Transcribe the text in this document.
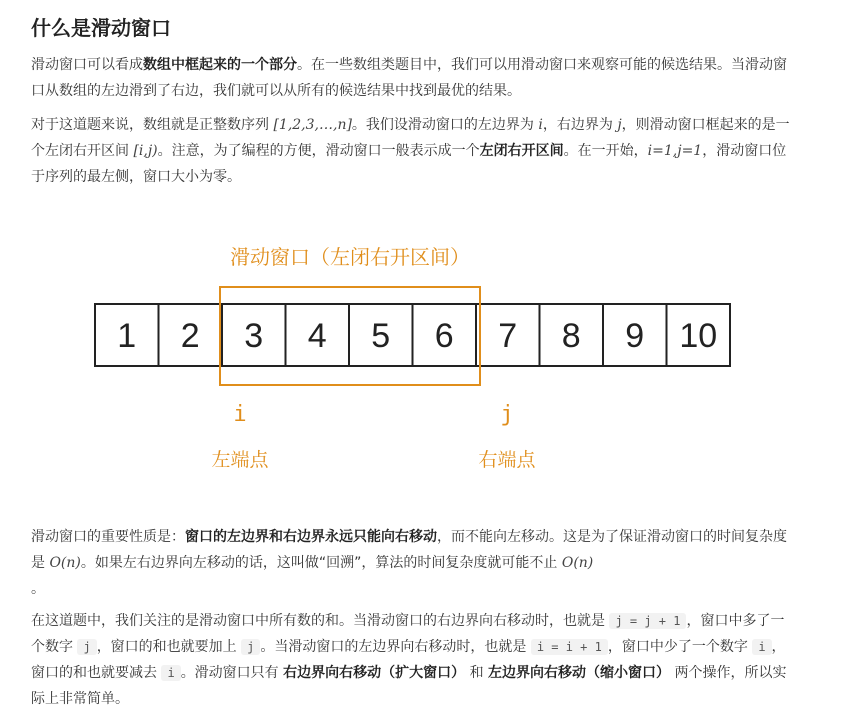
什么是滑动窗口

滑动窗口可以看成数组中框起来的一个部分。在一些数组类题目中，我们可以用滑动窗口来观察可能的候选结果。当滑动窗口从数组的左边滑到了右边，我们就可以从所有的候选结果中找到最优的结果。

对于这道题来说，数组就是正整数序列 [1,2,3,…,n]。我们设滑动窗口的左边界为 i，右边界为 j，则滑动窗口框起来的是一个左闭右开区间 [i,j)。注意，为了编程的方便，滑动窗口一般表示成一个左闭右开区间。在一开始，i=1,j=1，滑动窗口位于序列的最左侧，窗口大小为零。

滑动窗口（左闭右开区间）
1 2 3 4 5 6 7 8 9 10
i	j
左端点	右端点

滑动窗口的重要性质是：窗口的左边界和右边界永远只能向右移动，而不能向左移动。这是为了保证滑动窗口的时间复杂度是 O(n)。如果左右边界向左移动的话，这叫做“回溯”，算法的时间复杂度就可能不止 O(n)
。

在这道题中，我们关注的是滑动窗口中所有数的和。当滑动窗口的右边界向右移动时，也就是 j = j + 1 ，窗口中多了一个数字 j ，窗口的和也就要加上 j 。当滑动窗口的左边界向右移动时，也就是 i = i + 1 ，窗口中少了一个数字 i ，窗口的和也就要减去 i 。滑动窗口只有 右边界向右移动（扩大窗口） 和 左边界向右移动（缩小窗口） 两个操作，所以实际上非常简单。
